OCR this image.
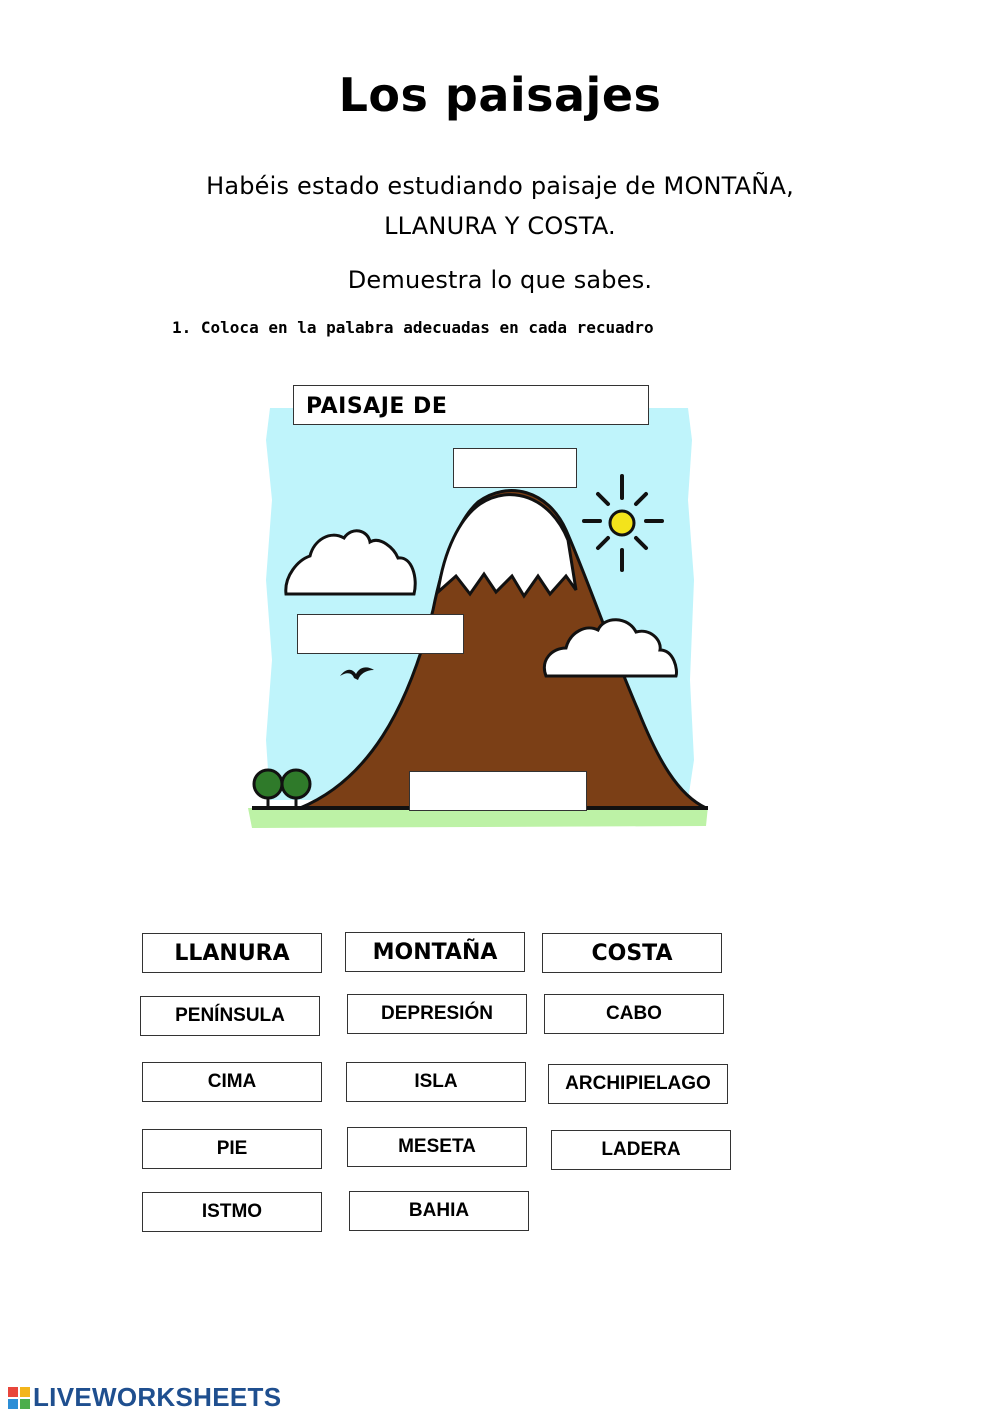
Los paisajes
Habéis estado estudiando paisaje de MONTAÑA,
LLANURA Y COSTA.
Demuestra lo que sabes.
1. Coloca en la palabra adecuadas en cada recuadro
PAISAJE DE
LLANURA	MONTAÑA	COSTA
PENÍNSULA	DEPRESIÓN	CABO
CIMA	ISLA	ARCHIPIELAGO
PIE	MESETA	LADERA
ISTMO	BAHIA
LIVEWORKSHEETS
